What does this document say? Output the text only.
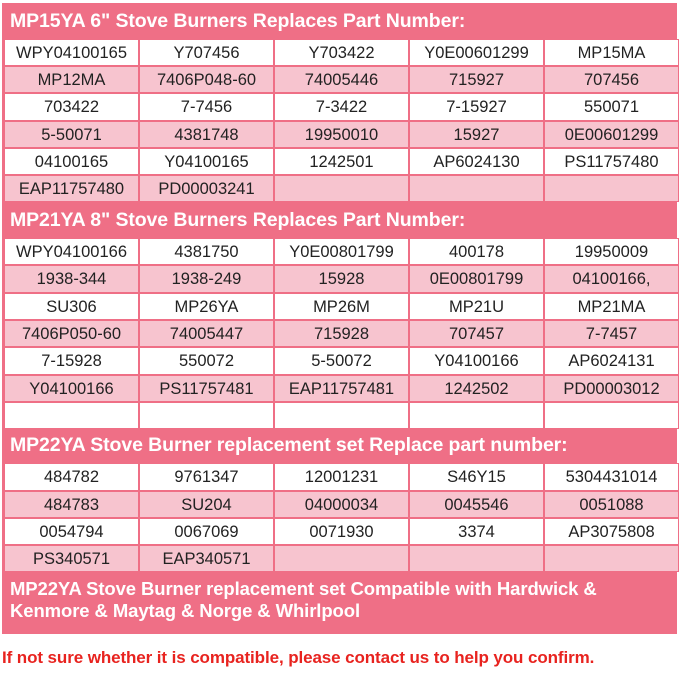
MP15YA 6" Stove Burners Replaces Part Number:
WPY04100165	Y707456	Y703422	Y0E00601299	MP15MA
MP12MA	7406P048-60	74005446	715927	707456
703422	7-7456	7-3422	7-15927	550071
5-50071	4381748	19950010	15927	0E00601299
04100165	Y04100165	1242501	AP6024130	PS11757480
EAP11757480	PD00003241
MP21YA 8" Stove Burners Replaces Part Number:
WPY04100166	4381750	Y0E00801799	400178	19950009
1938-344	1938-249	15928	0E00801799	04100166,
SU306	MP26YA	MP26M	MP21U	MP21MA
7406P050-60	74005447	715928	707457	7-7457
7-15928	550072	5-50072	Y04100166	AP6024131
Y04100166	PS11757481	EAP11757481	1242502	PD00003012
MP22YA Stove Burner replacement set Replace part number:
484782	9761347	12001231	S46Y15	5304431014
484783	SU204	04000034	0045546	0051088
0054794	0067069	0071930	3374	AP3075808
PS340571	EAP340571
MP22YA Stove Burner replacement set Compatible with Hardwick & Kenmore & Maytag & Norge & Whirlpool
If not sure whether it is compatible, please contact us to help you confirm.
